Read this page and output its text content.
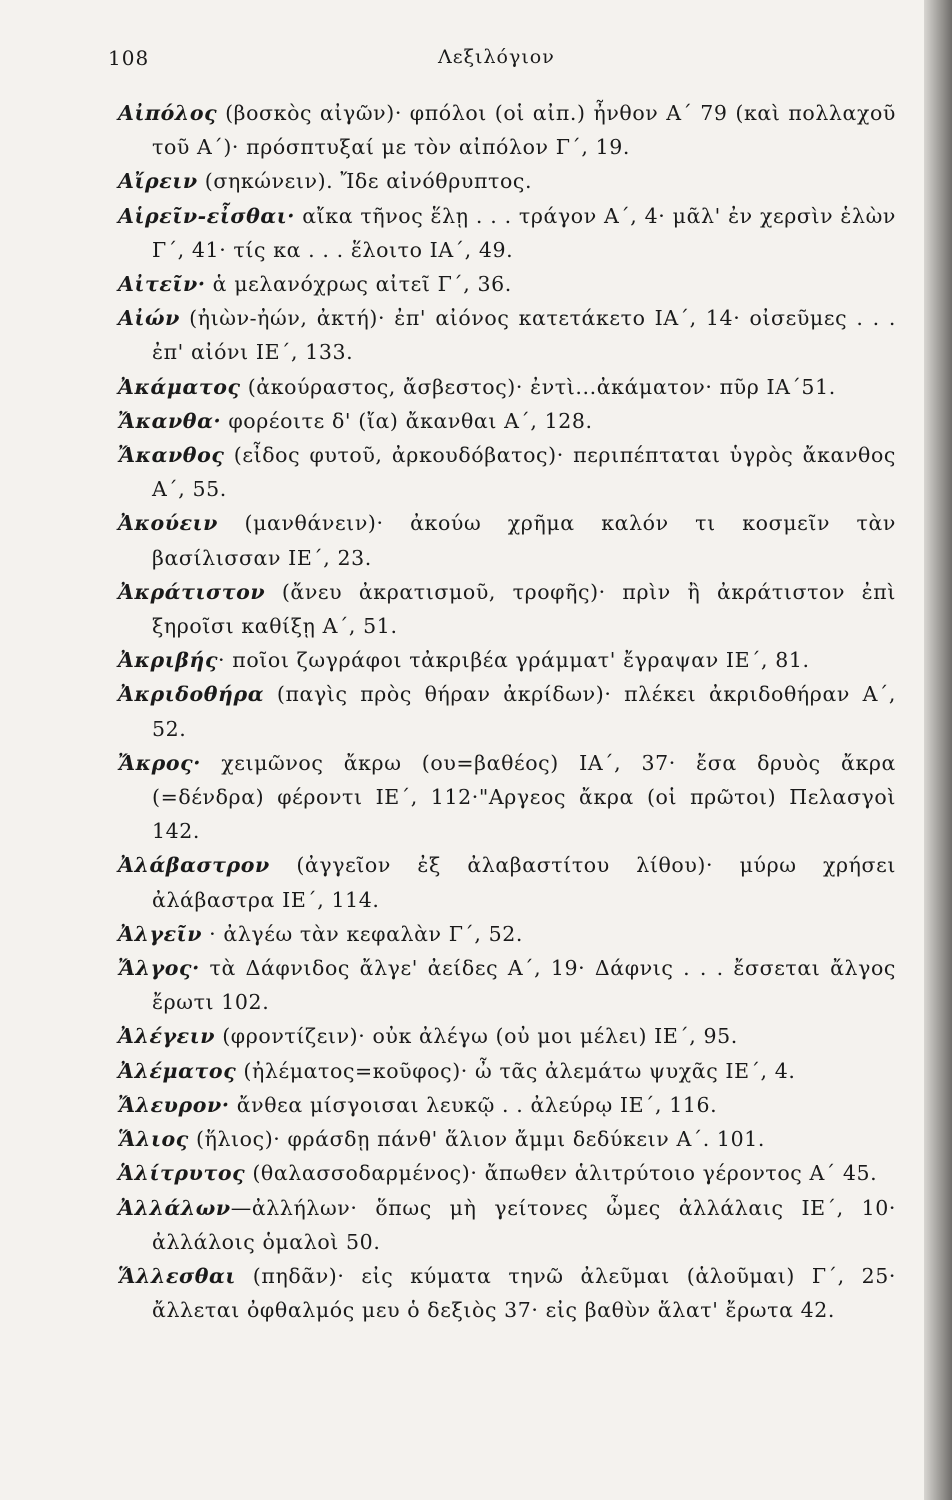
108	Λεξιλόγιον

Αἰπόλος (βοσκὸς αἰγῶν)· φπόλοι (οἱ αἰπ.) ἦνθον Α΄ 79 (καὶ πολλαχοῦ τοῦ Α΄)· πρόσπτυξαί με τὸν αἰπόλον Γ΄, 19.

Αἴρειν (σηκώνειν). Ἴδε αἰνόθρυπτος.

Αἱρεῖν-εἶσθαι· αἴκα τῆνος ἕλῃ . . . τράγον Α΄, 4· μᾶλ' ἐν χερσὶν ἑλὼν Γ΄, 41· τίς κα . . . ἕλοιτο ΙΑ΄, 49.

Αἰτεῖν· ἁ μελανόχρως αἰτεῖ Γ΄, 36.

Αἰών (ἠιὼν-ἠών, ἀκτή)· ἐπ' αἰόνος κατετάκετο ΙΑ΄, 14· οἰσεῦμες . . . ἐπ' αἰόνι ΙΕ΄, 133.

Ἀκάματος (ἀκούραστος, ἄσβεστος)· ἐντὶ...ἀκάματον· πῦρ ΙΑ΄51.

Ἄκανθα· φορέοιτε δ' (ἴα) ἄκανθαι Α΄, 128.

Ἄκανθος (εἶδος φυτοῦ, ἀρκουδόβατος)· περιπέπταται ὑγρὸς ἄκανθος Α΄, 55.

Ἀκούειν (μανθάνειν)· ἀκούω χρῆμα καλόν τι κοσμεῖν τὰν βασίλισσαν ΙΕ΄, 23.

Ἀκράτιστον (ἄνευ ἀκρατισμοῦ, τροφῆς)· πρὶν ἢ ἀκράτιστον ἐπὶ ξηροῖσι καθίξῃ Α΄, 51.

Ἀκριβής· ποῖοι ζωγράφοι τἀκριβέα γράμματ' ἔγραψαν ΙΕ΄, 81.

Ἀκριδοθήρα (παγὶς πρὸς θήραν ἀκρίδων)· πλέκει ἀκριδοθήραν Α΄, 52.

Ἄκρος· χειμῶνος ἄκρω (ου=βαθέος) ΙΑ΄, 37· ἔσα δρυὸς ἄκρα (=δένδρα) φέροντι ΙΕ΄, 112·"Αργεος ἄκρα (οἱ πρῶτοι) Πελασγοὶ 142.

Ἀλάβαστρον (ἀγγεῖον ἐξ ἀλαβαστίτου λίθου)· μύρω χρήσει ἀλάβαστρα ΙΕ΄, 114.

Ἀλγεῖν · ἀλγέω τὰν κεφαλὰν Γ΄, 52.

Ἄλγος· τὰ Δάφνιδος ἄλγε' ἀείδες Α΄, 19· Δάφνις . . . ἔσσεται ἄλγος ἔρωτι 102.

Ἀλέγειν (φροντίζειν)· οὐκ ἀλέγω (οὐ μοι μέλει) ΙΕ΄, 95.

Ἀλέματος (ἠλέματος=κοῦφος)· ὦ τᾶς ἀλεμάτω ψυχᾶς ΙΕ΄, 4.

Ἄλευρον· ἄνθεα μίσγοισαι λευκῷ . . ἀλεύρῳ ΙΕ΄, 116.

Ἅλιος (ἥλιος)· φράσδῃ πάνθ' ἅλιον ἄμμι δεδύκειν Α΄. 101.

Ἁλίτρυτος (θαλασσοδαρμένος)· ἄπωθεν ἁλιτρύτοιο γέροντος Α΄ 45.

Ἀλλάλων—ἀλλήλων· ὅπως μὴ γείτονες ὦμες ἀλλάλαις ΙΕ΄, 10· ἀλλάλοις ὁμαλοὶ 50.

Ἅλλεσθαι (πηδᾶν)· εἰς κύματα τηνῶ ἀλεῦμαι (ἁλοῦμαι) Γ΄, 25· ἄλλεται ὀφθαλμός μευ ὁ δεξιὸς 37· εἰς βαθὺν ἅλατ' ἔρωτα 42.
